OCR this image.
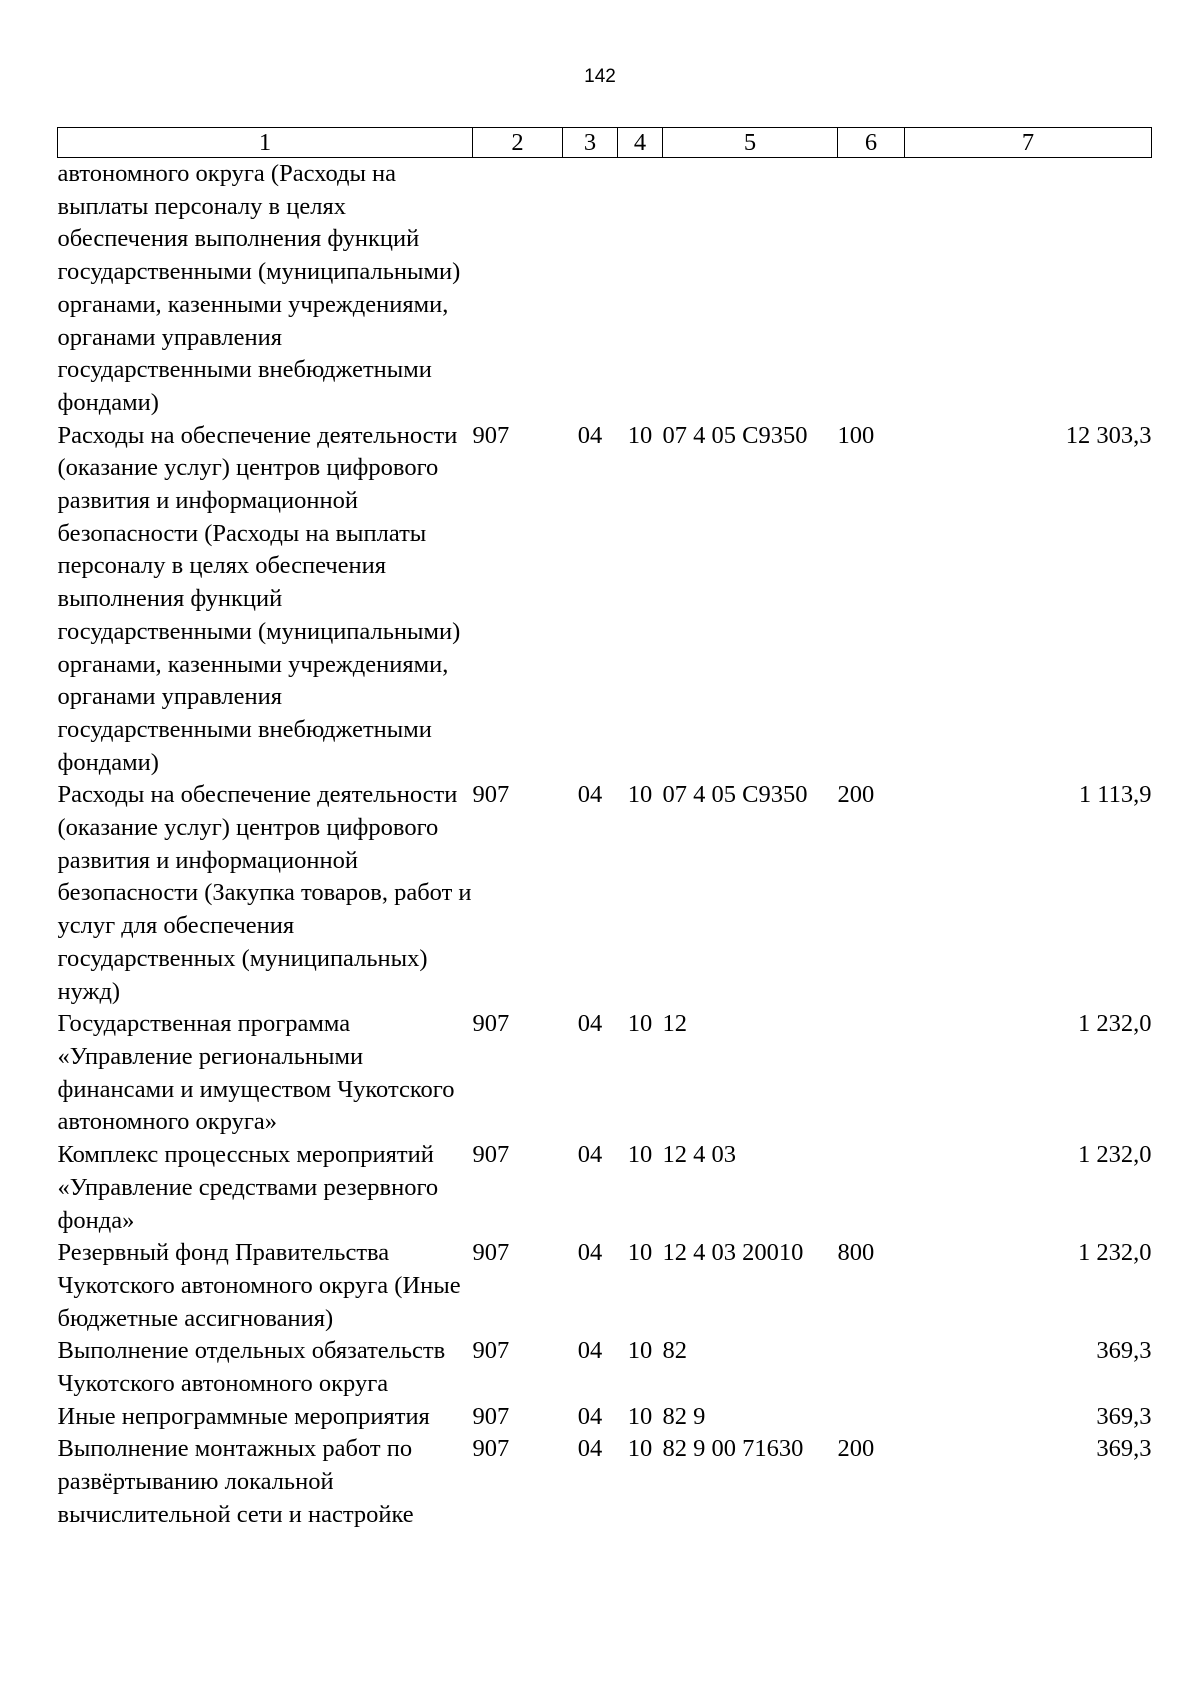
142
1	2	3	4	5	6	7
автономного округа (Расходы на выплаты персоналу в целях обеспечения выполнения функций государственными (муниципальными) органами, казенными учреждениями, органами управления государственными внебюджетными фондами)						
Расходы на обеспечение деятельности (оказание услуг) центров цифрового развития и информационной безопасности (Расходы на выплаты персоналу в целях обеспечения выполнения функций государственными (муниципальными) органами, казенными учреждениями, органами управления государственными внебюджетными фондами)	907	04	10	07 4 05 С9350	100	12 303,3
Расходы на обеспечение деятельности (оказание услуг) центров цифрового развития и информационной безопасности (Закупка товаров, работ и услуг для обеспечения государственных (муниципальных) нужд)	907	04	10	07 4 05 С9350	200	1 113,9
Государственная программа «Управление региональными финансами и имуществом Чукотского автономного округа»	907	04	10	12		1 232,0
Комплекс процессных мероприятий «Управление средствами резервного фонда»	907	04	10	12 4 03		1 232,0
Резервный фонд Правительства Чукотского автономного округа (Иные бюджетные ассигнования)	907	04	10	12 4 03 20010	800	1 232,0
Выполнение отдельных обязательств Чукотского автономного округа	907	04	10	82		369,3
Иные непрограммные мероприятия	907	04	10	82 9		369,3
Выполнение монтажных работ по развёртыванию локальной вычислительной сети и настройке	907	04	10	82 9 00 71630	200	369,3
